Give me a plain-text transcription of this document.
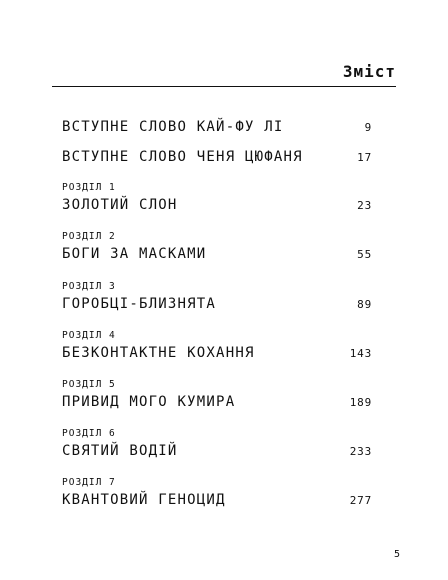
Зміст
ВСТУПНЕ СЛОВО КАЙ-ФУ ЛІ	9
ВСТУПНЕ СЛОВО ЧЕНЯ ЦЮФАНЯ	17
РОЗДІЛ 1
ЗОЛОТИЙ СЛОН	23
РОЗДІЛ 2
БОГИ ЗА МАСКАМИ	55
РОЗДІЛ 3
ГОРОБЦІ-БЛИЗНЯТА	89
РОЗДІЛ 4
БЕЗКОНТАКТНЕ КОХАННЯ	143
РОЗДІЛ 5
ПРИВИД МОГО КУМИРА	189
РОЗДІЛ 6
СВЯТИЙ ВОДІЙ	233
РОЗДІЛ 7
КВАНТОВИЙ ГЕНОЦИД	277
5
